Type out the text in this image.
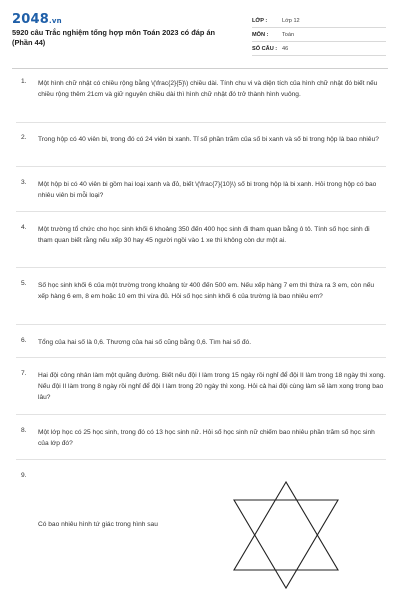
2048.vn
5920 câu Trắc nghiệm tổng hợp môn Toán 2023 có đáp án (Phần 44)
LỚP :	Lớp 12
MÔN :	Toán
SỐ CÂU : 46
1. Một hình chữ nhật có chiều rộng bằng \(\frac{2}{5}\) chiều dài. Tính chu vi và diện tích của hình chữ nhật đó biết nếu chiều rộng thêm 21cm và giữ nguyên chiều dài thì hình chữ nhật đó trở thành hình vuông.
2. Trong hộp có 40 viên bi, trong đó có 24 viên bi xanh. Tỉ số phần trăm của số bi xanh và số bi trong hộp là bao nhiêu?
3. Một hộp bi có 40 viên bi gồm hai loại xanh và đỏ, biết \(\frac{7}{10}\) số bi trong hộp là bi xanh. Hỏi trong hộp có bao nhiêu viên bi mỗi loại?
4. Một trường tổ chức cho học sinh khối 6 khoảng 350 đến 400 học sinh đi tham quan bằng ô tô. Tính số học sinh đi tham quan biết rằng nếu xếp 30 hay 45 người ngồi vào 1 xe thì không còn dư một ai.
5. Số học sinh khối 6 của một trường trong khoảng từ 400 đến 500 em. Nếu xếp hàng 7 em thì thừa ra 3 em, còn nếu xếp hàng 6 em, 8 em hoặc 10 em thì vừa đủ. Hỏi số học sinh khối 6 của trường là bao nhiêu em?
6. Tổng của hai số là 0,6. Thương của hai số cũng bằng 0,6. Tìm hai số đó.
7. Hai đội công nhân làm một quãng đường. Biết nếu đội I làm trong 15 ngày rồi nghỉ để đội II làm trong 18 ngày thì xong. Nếu đội II làm trong 8 ngày rồi nghỉ để đội I làm trong 20 ngày thì xong. Hỏi cả hai đội cùng làm sẽ làm xong trong bao lâu?
8. Một lớp học có 25 học sinh, trong đó có 13 học sinh nữ. Hỏi số học sinh nữ chiếm bao nhiêu phần trăm số học sinh của lớp đó?
9.
Có bao nhiêu hình tứ giác trong hình sau
